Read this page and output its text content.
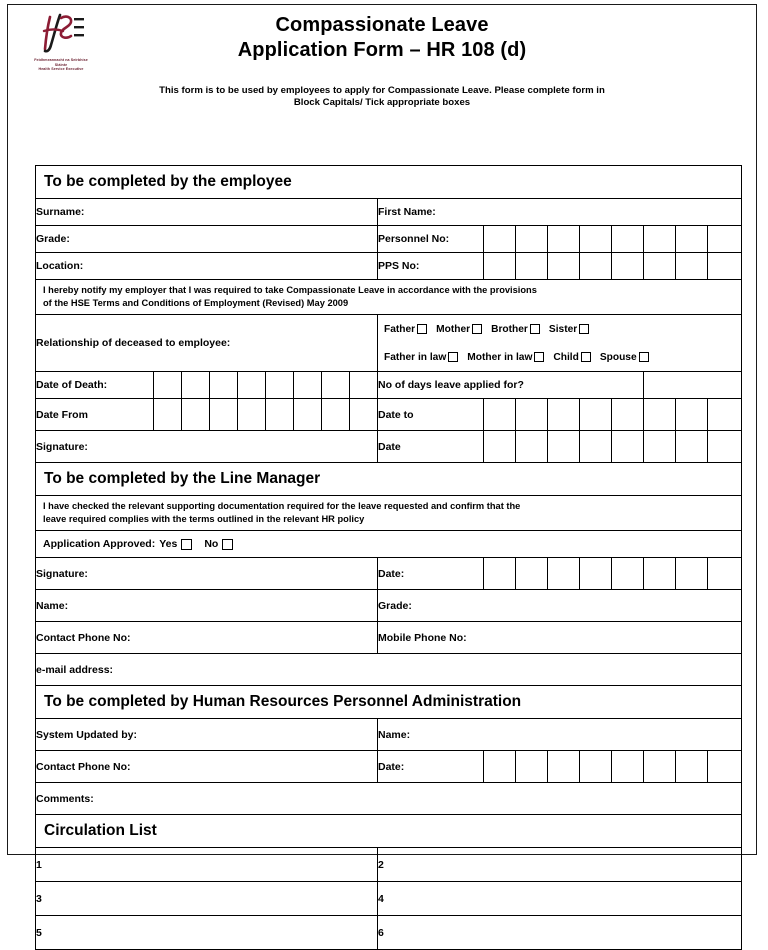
Feidhmeannacht na Seirbhíse Sláinte
Health Service Executive
Compassionate Leave
Application Form – HR 108 (d)
This form is to be used by employees to apply for Compassionate Leave. Please complete form in
Block Capitals/ Tick appropriate boxes
To be completed by the employee																	
Surname:									First Name:								
Grade:									Personnel No:								
Location:									PPS No:								
I hereby notify my employer that I was required to take Compassionate Leave in accordance with the provisions
of the HSE Terms and Conditions of Employment (Revised) May 2009																	
Relationship of deceased to employee:	
Father Mother Brother Sister
Father in law Mother in law Child Spouse

Date of Death:									No of days leave applied for?								
Date From									Date to								
Signature:									Date								
To be completed by the Line Manager																	
I have checked the relevant supporting documentation required for the leave requested and confirm that the
leave required complies with the terms outlined in the relevant HR policy																	

Application Approved: Yes No																	

Signature:									Date:								
Name:									Grade:								
Contact Phone No:									Mobile Phone No:								
e-mail address:																	
To be completed by Human Resources Personnel Administration																	
System Updated by:									Name:								
Contact Phone No:									Date:								
Comments:																	
Circulation List																	
1									2								
3									4								
5									6								
